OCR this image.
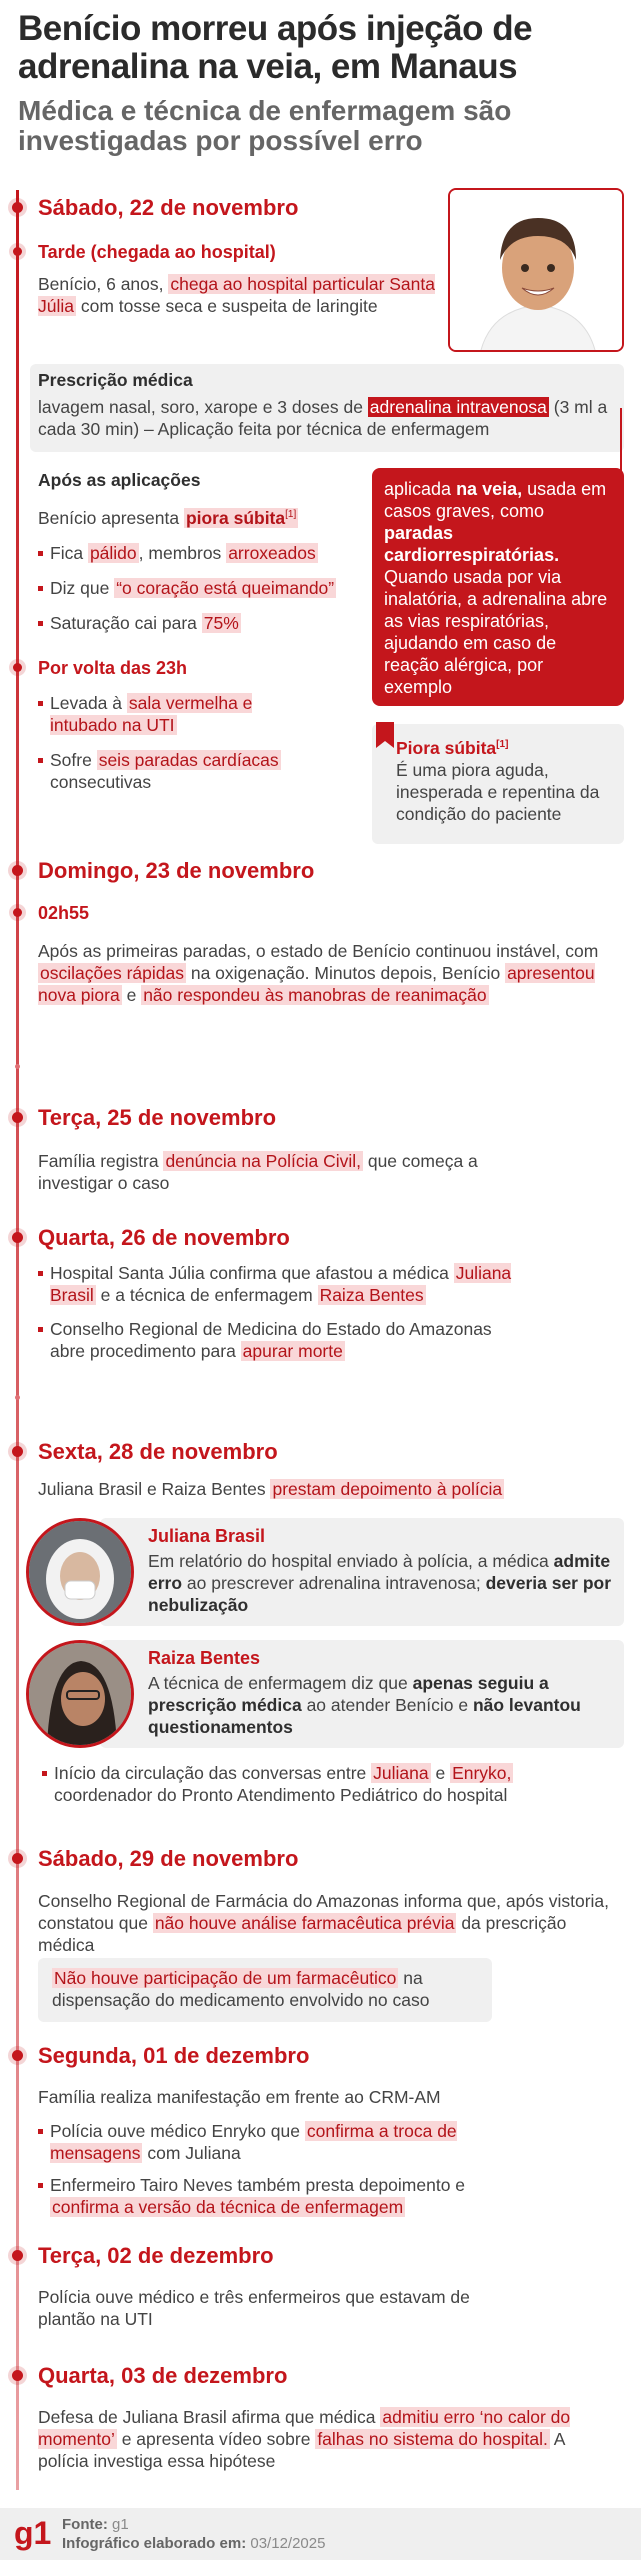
Benício morreu após injeção de adrenalina na veia, em Manaus
Médica e técnica de enfermagem são investigadas por possível erro
Sábado, 22 de novembro
Tarde (chegada ao hospital)
Benício, 6 anos, chega ao hospital particular Santa Júlia com tosse seca e suspeita de laringite
Prescrição médica
lavagem nasal, soro, xarope e 3 doses de adrenalina intravenosa (3 ml a cada 30 min) – Aplicação feita por técnica de enfermagem
Após as aplicações
Benício apresenta piora súbita[1]
Fica pálido , membros arroxeados
Diz que “o coração está queimando”
Saturação cai para 75%
Por volta das 23h
Levada à sala vermelha e intubado na UTI
Sofre seis paradas cardíacas consecutivas
aplicada na veia, usada em casos graves, como paradas cardiorrespiratórias. Quando usada por via inalatória, a adrenalina abre as vias respiratórias, ajudando em caso de reação alérgica, por exemplo
Piora súbita[1]
É uma piora aguda, inesperada e repentina da condição do paciente
Domingo, 23 de novembro
02h55
Após as primeiras paradas, o estado de Benício continuou instável, com oscilações rápidas na oxigenação. Minutos depois, Benício apresentou nova piora e não respondeu às manobras de reanimação
Terça, 25 de novembro
Família registra denúncia na Polícia Civil, que começa a investigar o caso
Quarta, 26 de novembro
Hospital Santa Júlia confirma que afastou a médica Juliana Brasil e a técnica de enfermagem Raiza Bentes
Conselho Regional de Medicina do Estado do Amazonas abre procedimento para apurar morte
Sexta, 28 de novembro
Juliana Brasil e Raiza Bentes prestam depoimento à polícia
Juliana Brasil
Em relatório do hospital enviado à polícia, a médica admite erro ao prescrever adrenalina intravenosa; deveria ser por nebulização
Raiza Bentes
A técnica de enfermagem diz que apenas seguiu a prescrição médica ao atender Benício e não levantou questionamentos
Início da circulação das conversas entre Juliana e Enryko, coordenador do Pronto Atendimento Pediátrico do hospital
Sábado, 29 de novembro
Conselho Regional de Farmácia do Amazonas informa que, após vistoria, constatou que não houve análise farmacêutica prévia da prescrição médica
Não houve participação de um farmacêutico na dispensação do medicamento envolvido no caso
Segunda, 01 de dezembro
Família realiza manifestação em frente ao CRM-AM
Polícia ouve médico Enryko que confirma a troca de mensagens com Juliana
Enfermeiro Tairo Neves também presta depoimento e confirma a versão da técnica de enfermagem
Terça, 02 de dezembro
Polícia ouve médico e três enfermeiros que estavam de plantão na UTI
Quarta, 03 de dezembro
Defesa de Juliana Brasil afirma que médica admitiu erro ‘no calor do momento’ e apresenta vídeo sobre falhas no sistema do hospital. A polícia investiga essa hipótese
g1 Fonte: g1
Infográfico elaborado em: 03/12/2025
